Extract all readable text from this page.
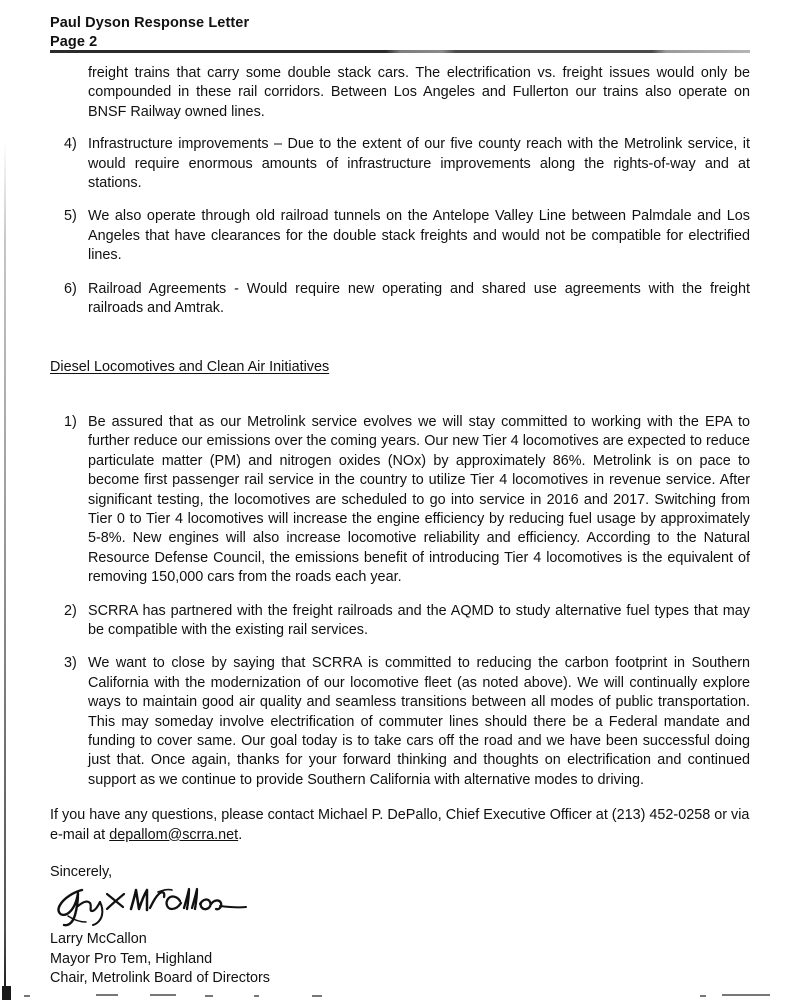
Paul Dyson Response Letter
Page 2

freight trains that carry some double stack cars. The electrification vs. freight issues would only be compounded in these rail corridors. Between Los Angeles and Fullerton our trains also operate on BNSF Railway owned lines.

4) Infrastructure improvements – Due to the extent of our five county reach with the Metrolink service, it would require enormous amounts of infrastructure improvements along the rights-of-way and at stations.

5) We also operate through old railroad tunnels on the Antelope Valley Line between Palmdale and Los Angeles that have clearances for the double stack freights and would not be compatible for electrified lines.

6) Railroad Agreements - Would require new operating and shared use agreements with the freight railroads and Amtrak.

Diesel Locomotives and Clean Air Initiatives
1) Be assured that as our Metrolink service evolves we will stay committed to working with the EPA to further reduce our emissions over the coming years. Our new Tier 4 locomotives are expected to reduce particulate matter (PM) and nitrogen oxides (NOx) by approximately 86%. Metrolink is on pace to become first passenger rail service in the country to utilize Tier 4 locomotives in revenue service. After significant testing, the locomotives are scheduled to go into service in 2016 and 2017. Switching from Tier 0 to Tier 4 locomotives will increase the engine efficiency by reducing fuel usage by approximately 5-8%. New engines will also increase locomotive reliability and efficiency. According to the Natural Resource Defense Council, the emissions benefit of introducing Tier 4 locomotives is the equivalent of removing 150,000 cars from the roads each year.

2) SCRRA has partnered with the freight railroads and the AQMD to study alternative fuel types that may be compatible with the existing rail services.

3) We want to close by saying that SCRRA is committed to reducing the carbon footprint in Southern California with the modernization of our locomotive fleet (as noted above). We will continually explore ways to maintain good air quality and seamless transitions between all modes of public transportation. This may someday involve electrification of commuter lines should there be a Federal mandate and funding to cover same. Our goal today is to take cars off the road and we have been successful doing just that. Once again, thanks for your forward thinking and thoughts on electrification and continued support as we continue to provide Southern California with alternative modes to driving.

If you have any questions, please contact Michael P. DePallo, Chief Executive Officer at (213) 452-0258 or via e-mail at depallom@scrra.net.

Sincerely,

Larry McCallon
Mayor Pro Tem, Highland
Chair, Metrolink Board of Directors
